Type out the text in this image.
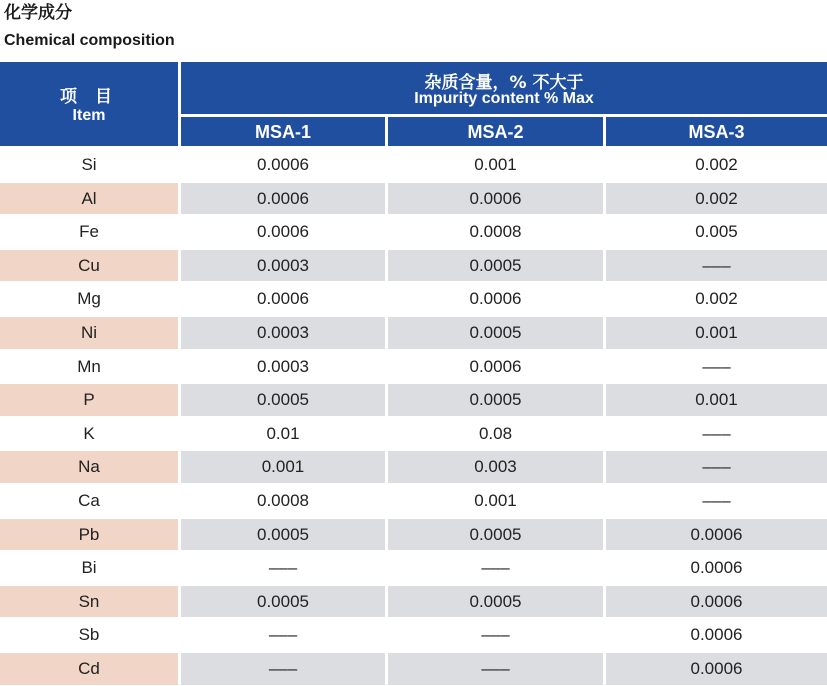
化学成分
Chemical composition
项 目
Item
杂质含量，% 不大于
Impurity content % Max
MSA-1	MSA-2	MSA-3
Si	0.0006	0.001	0.002
Al	0.0006	0.0006	0.002
Fe	0.0006	0.0008	0.005
Cu	0.0003	0.0005	–––
Mg	0.0006	0.0006	0.002
Ni	0.0003	0.0005	0.001
Mn	0.0003	0.0006	–––
P	0.0005	0.0005	0.001
K	0.01	0.08	–––
Na	0.001	0.003	–––
Ca	0.0008	0.001	–––
Pb	0.0005	0.0005	0.0006
Bi	–––	–––	0.0006
Sn	0.0005	0.0005	0.0006
Sb	–––	–––	0.0006
Cd	–––	–––	0.0006
